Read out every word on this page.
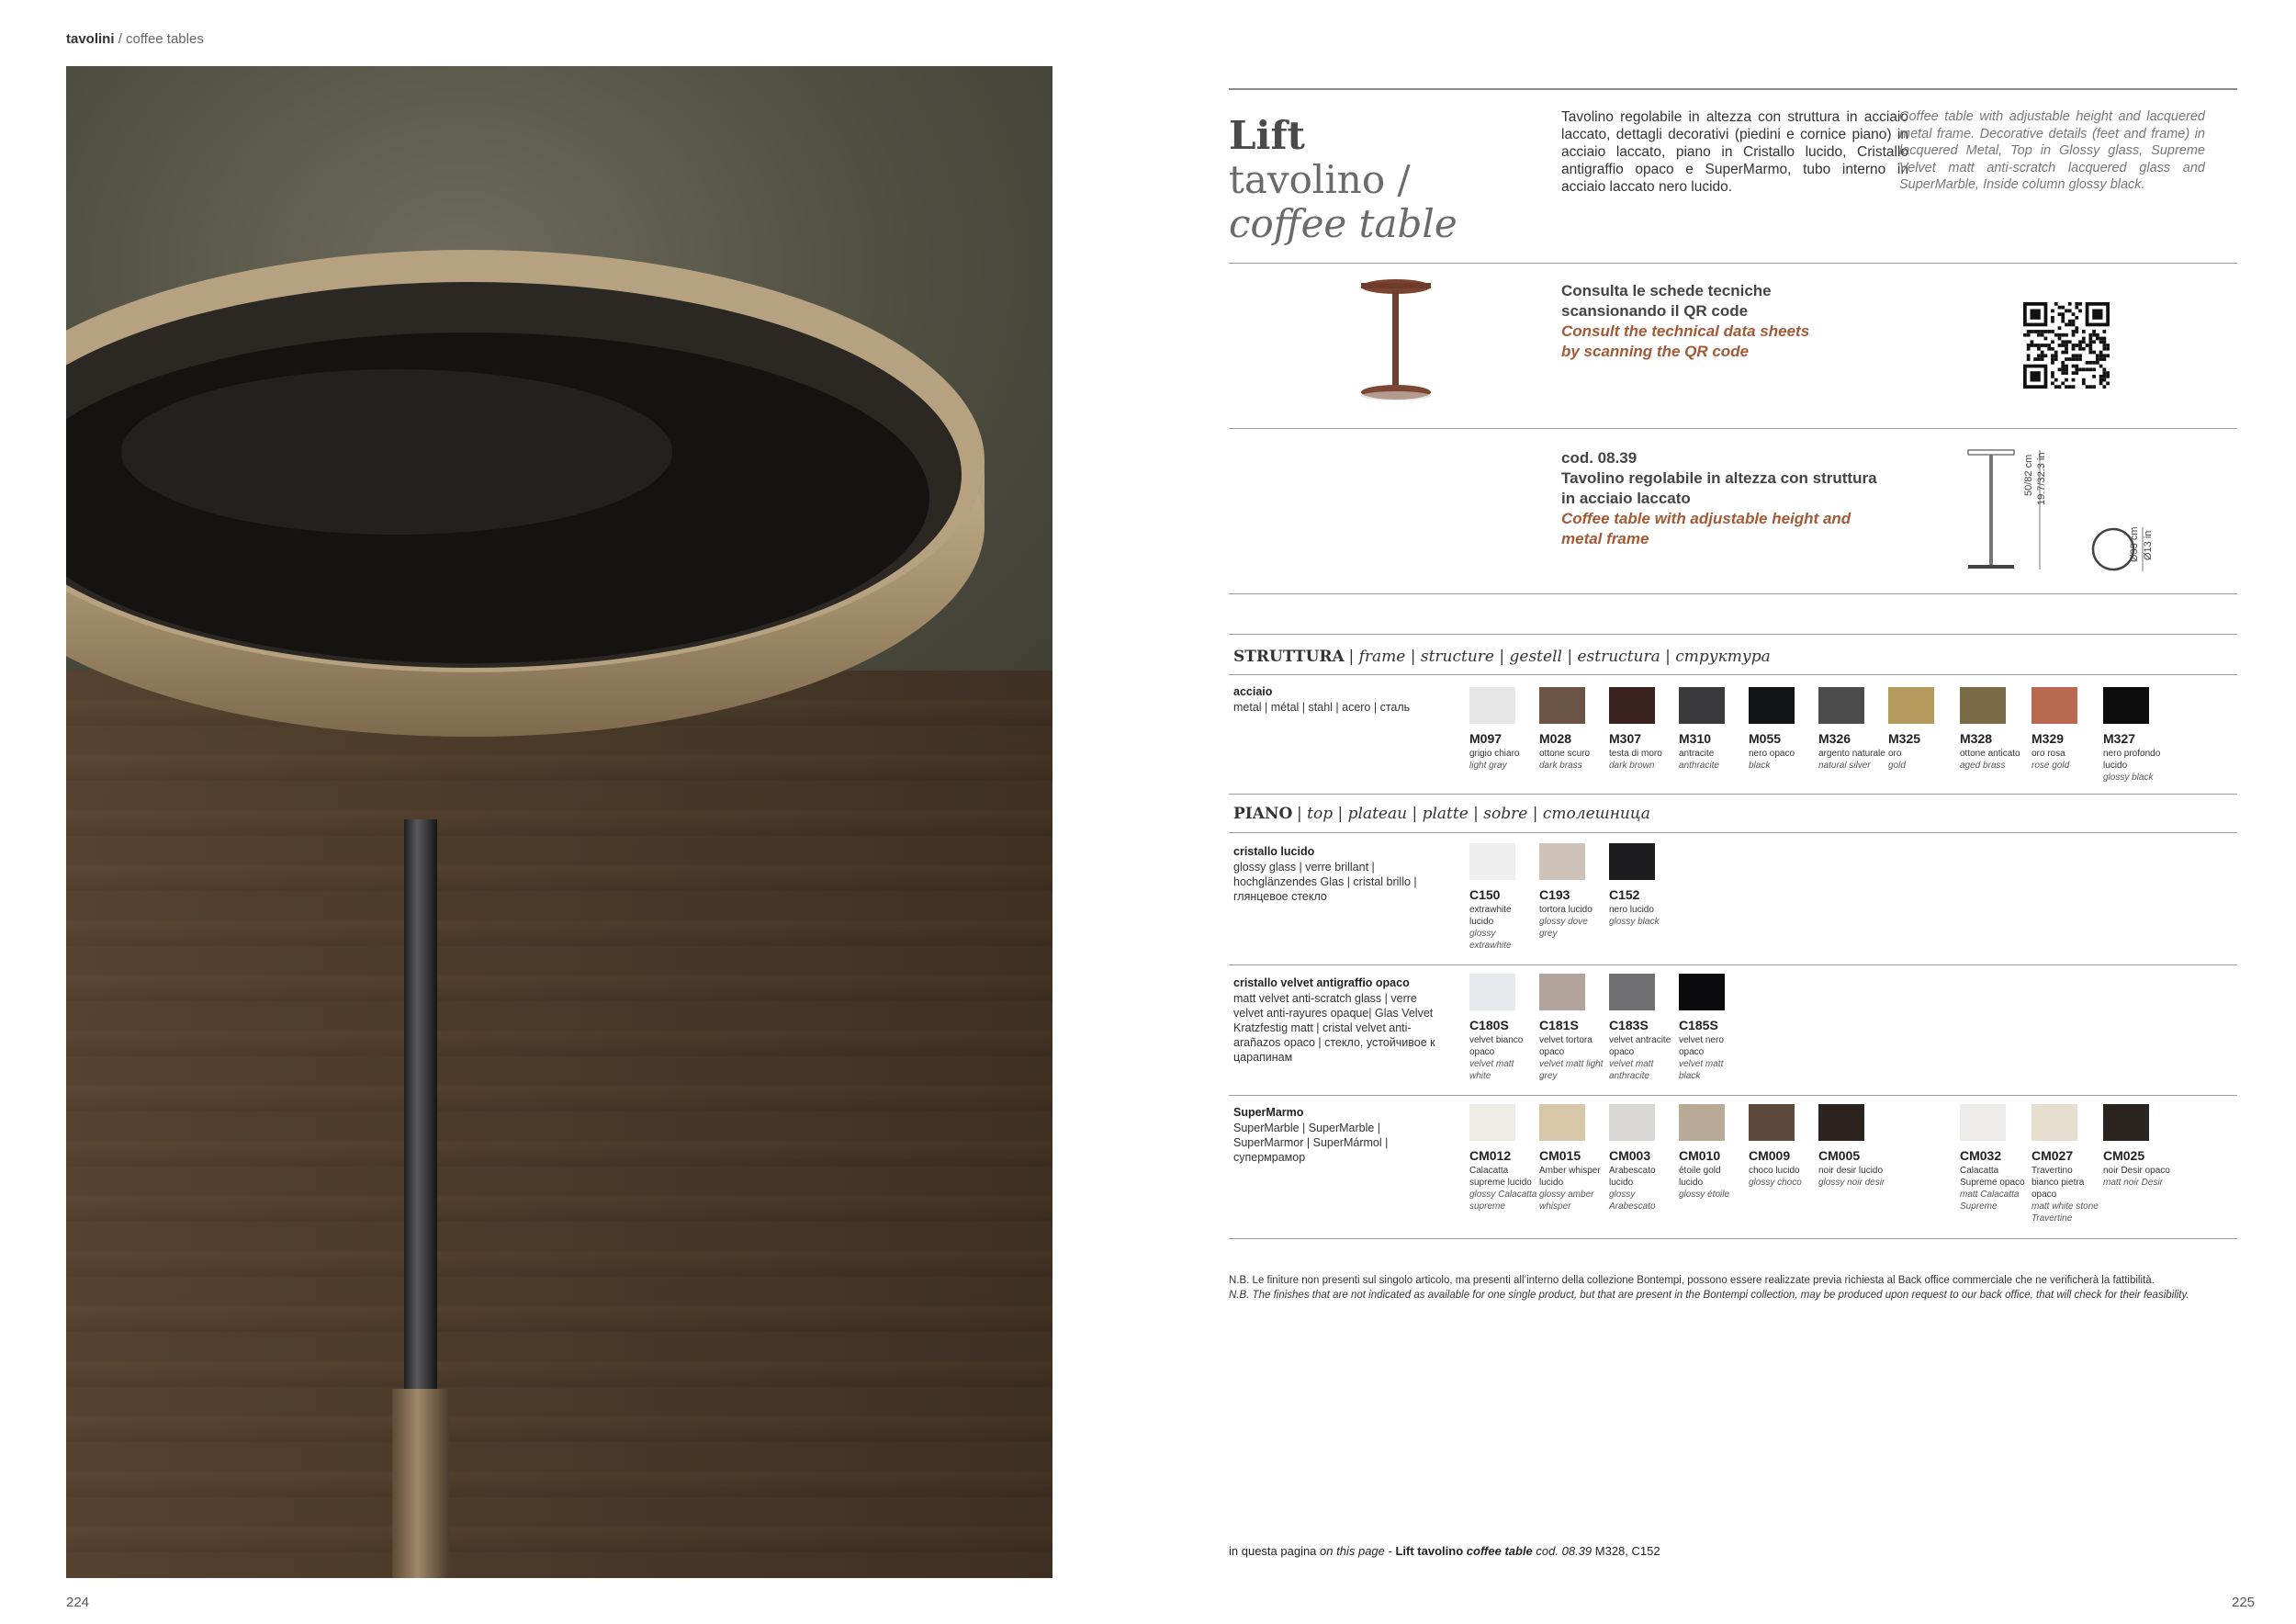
tavolini / coffee tables
224
Lift
tavolino /
coffee table
Tavolino regolabile in altezza con struttura in acciaio laccato, dettagli decorativi (piedini e cornice piano) in acciaio laccato, piano in Cristallo lucido, Cristallo antigraffio opaco e SuperMarmo, tubo interno in acciaio laccato nero lucido.
Coffee table with adjustable height and lacquered metal frame. Decorative details (feet and frame) in lacquered Metal, Top in Glossy glass, Supreme Velvet matt anti-scratch lacquered glass and SuperMarble, Inside column glossy black.
Consulta le schede tecniche
scansionando il QR code
Consult the technical data sheets
by scanning the QR code
cod. 08.39
Tavolino regolabile in altezza con struttura
in acciaio laccato
Coffee table with adjustable height and
metal frame
50/82 cm 19.7/32.3 in
Ø33 cm Ø13 in
STRUTTURA | frame | structure | gestell | estructura | структура
acciaio
metal | métal | stahl | acero | сталь
M097
grigio chiaro
light gray
M028
ottone scuro
dark brass
M307
testa di moro
dark brown
M310
antracite
anthracite
M055
nero opaco
black
M326
argento naturale
natural silver
M325
oro
gold
M328
ottone anticato
aged brass
M329
oro rosa
rose gold
M327
nero profondo lucido
glossy black
PIANO | top | plateau | platte | sobre | столешница
cristallo lucido
glossy glass | verre brillant |
hochglänzendes Glas | cristal brillo |
глянцевое стекло	C150
extrawhite lucido
glossy extrawhite
C193
tortora lucido
glossy dove grey
C152
nero lucido
glossy black
cristallo velvet antigraffio opaco
matt velvet anti-scratch glass | verre
velvet anti-rayures opaque| Glas Velvet
Kratzfestig matt | cristal velvet anti-
arañazos opaco | стекло, устойчивое к
царапинам
C180S
velvet bianco opaco
velvet matt white
C181S
velvet tortora opaco
velvet matt light grey
C183S
velvet antracite opaco
velvet matt anthracite
C185S
velvet nero opaco
velvet matt black
SuperMarmo
SuperMarble | SuperMarble |
SuperMarmor | SuperMármol |
супермрамор	CM012
Calacatta supreme lucido
glossy Calacatta supreme
CM015
Amber whisper lucido
glossy amber whisper
CM003
Arabescato lucido
glossy Arabescato
CM010
étoile gold lucido
glossy étoile
CM009
choco lucido
glossy choco
CM005
noir desir lucido
glossy noir desir
CM032
Calacatta Supreme opaco
matt Calacatta Supreme
CM027
Travertino bianco pietra opaco
matt white stone Travertine
CM025
noir Desir opaco
matt noir Desir
N.B. Le finiture non presenti sul singolo articolo, ma presenti all’interno della collezione Bontempi, possono essere realizzate previa richiesta al Back office commerciale che ne verificherà la fattibilità.
N.B. The finishes that are not indicated as available for one single product, but that are present in the Bontempi collection, may be produced upon request to our back office, that will check for their feasibility.
in questa pagina on this page - Lift tavolino coffee table cod. 08.39 M328, C152
225
